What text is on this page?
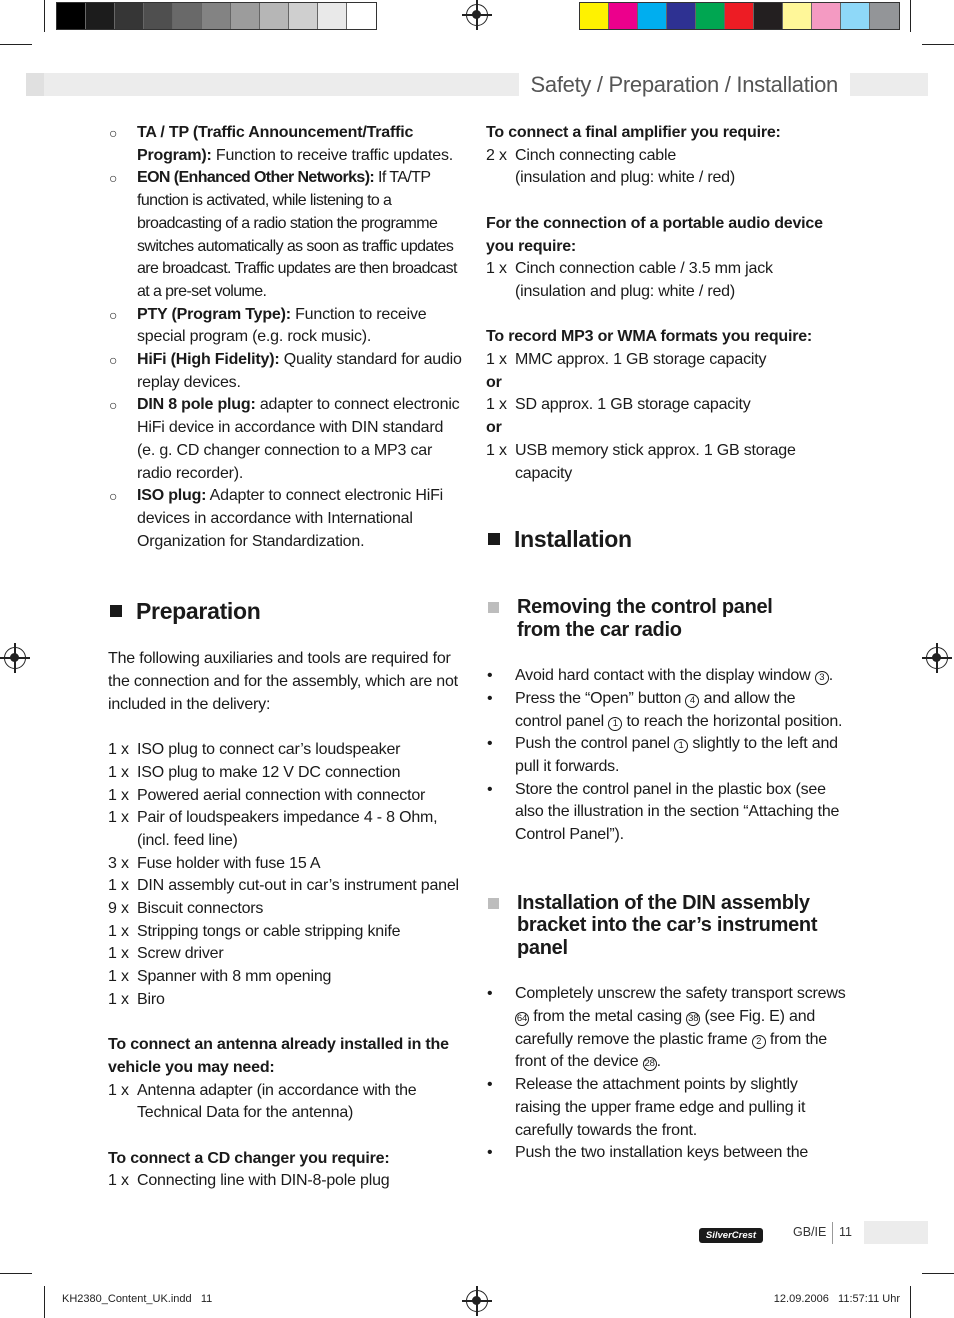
Safety / Preparation / Installation
○	TA / TP (Traffic Announcement/Traffic Program): Function to receive traffic updates.
○	EON (Enhanced Other Networks): If TA/TP function is activated, while listening to a broadcasting of a radio station the programme switches automatically as soon as traffic updates are broadcast. Traffic updates are then broadcast at a pre-set volume.
○	PTY (Program Type): Function to receive special program (e.g. rock music).
○	HiFi (High Fidelity): Quality standard for audio replay devices.
○	DIN 8 pole plug: adapter to connect electronic HiFi device in accordance with DIN standard (e. g. CD changer connection to a MP3 car radio recorder).
○	ISO plug: Adapter to connect electronic HiFi devices in accordance with International Organization for Standardization.
Preparation
The following auxiliaries and tools are required for the connection and for the assembly, which are not included in the delivery:
1 x ISO plug to connect car’s loudspeaker
1 x ISO plug to make 12 V DC connection
1 x Powered aerial connection with connector
1 x Pair of loudspeakers impedance 4 - 8 Ohm, (incl. feed line)
3 x Fuse holder with fuse 15 A
1 x DIN assembly cut-out in car’s instrument panel
9 x Biscuit connectors
1 x Stripping tongs or cable stripping knife
1 x Screw driver
1 x Spanner with 8 mm opening
1 x Biro
To connect an antenna already installed in the vehicle you may need:
1 x Antenna adapter (in accordance with the Technical Data for the antenna)
To connect a CD changer you require:
1 x Connecting line with DIN-8-pole plug
To connect a final amplifier you require:
2 x Cinch connecting cable
(insulation and plug: white / red)
For the connection of a portable audio device you require:
1 x Cinch connection cable / 3.5 mm jack
(insulation and plug: white / red)
To record MP3 or WMA formats you require:
1 x MMC approx. 1 GB storage capacity
or
1 x SD approx. 1 GB storage capacity
or
1 x USB memory stick approx. 1 GB storage capacity
Installation
Removing the control panel
from the car radio
•	Avoid hard contact with the display window 3 .
•	Press the “Open” button 4 and allow the control panel 1 to reach the horizontal position.
•	Push the control panel 1 slightly to the left and pull it forwards.
•	Store the control panel in the plastic box (see also the illustration in the section “Attaching the Control Panel”).
Installation of the DIN assembly
bracket into the car’s instrument
panel
•	Completely unscrew the safety transport screws 64 from the metal casing 38 (see Fig. E) and carefully remove the plastic frame 2 from the front of the device 28 .
•	Release the attachment points by slightly raising the upper frame edge and pulling it carefully towards the front.
•	Push the two installation keys between the
SilverCrest	GB/IE 11
KH2380_Content_UK.indd   11	12.09.2006   11:57:11 Uhr
